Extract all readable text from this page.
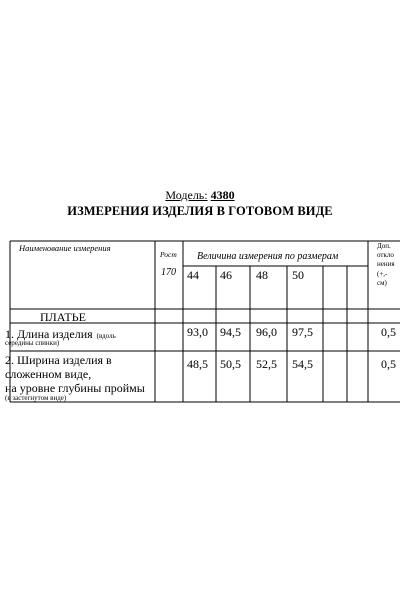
Модель: 4380
ИЗМЕРЕНИЯ ИЗДЕЛИЯ В ГОТОВОМ ВИДЕ
Наименование измерения
Рост
170
Величина измерения по размерам
44 46 48 50
Доп.
откло
нения
(+,-
см)
ПЛАТЬЕ
1. Длина изделия (вдоль
середины спинки)
93,0 94,5 96,0 97,5	0,5
2. Ширина изделия в
сложенном виде,
на уровне глубины проймы
(в застегнутом виде)
48,5 50,5 52,5 54,5	0,5
